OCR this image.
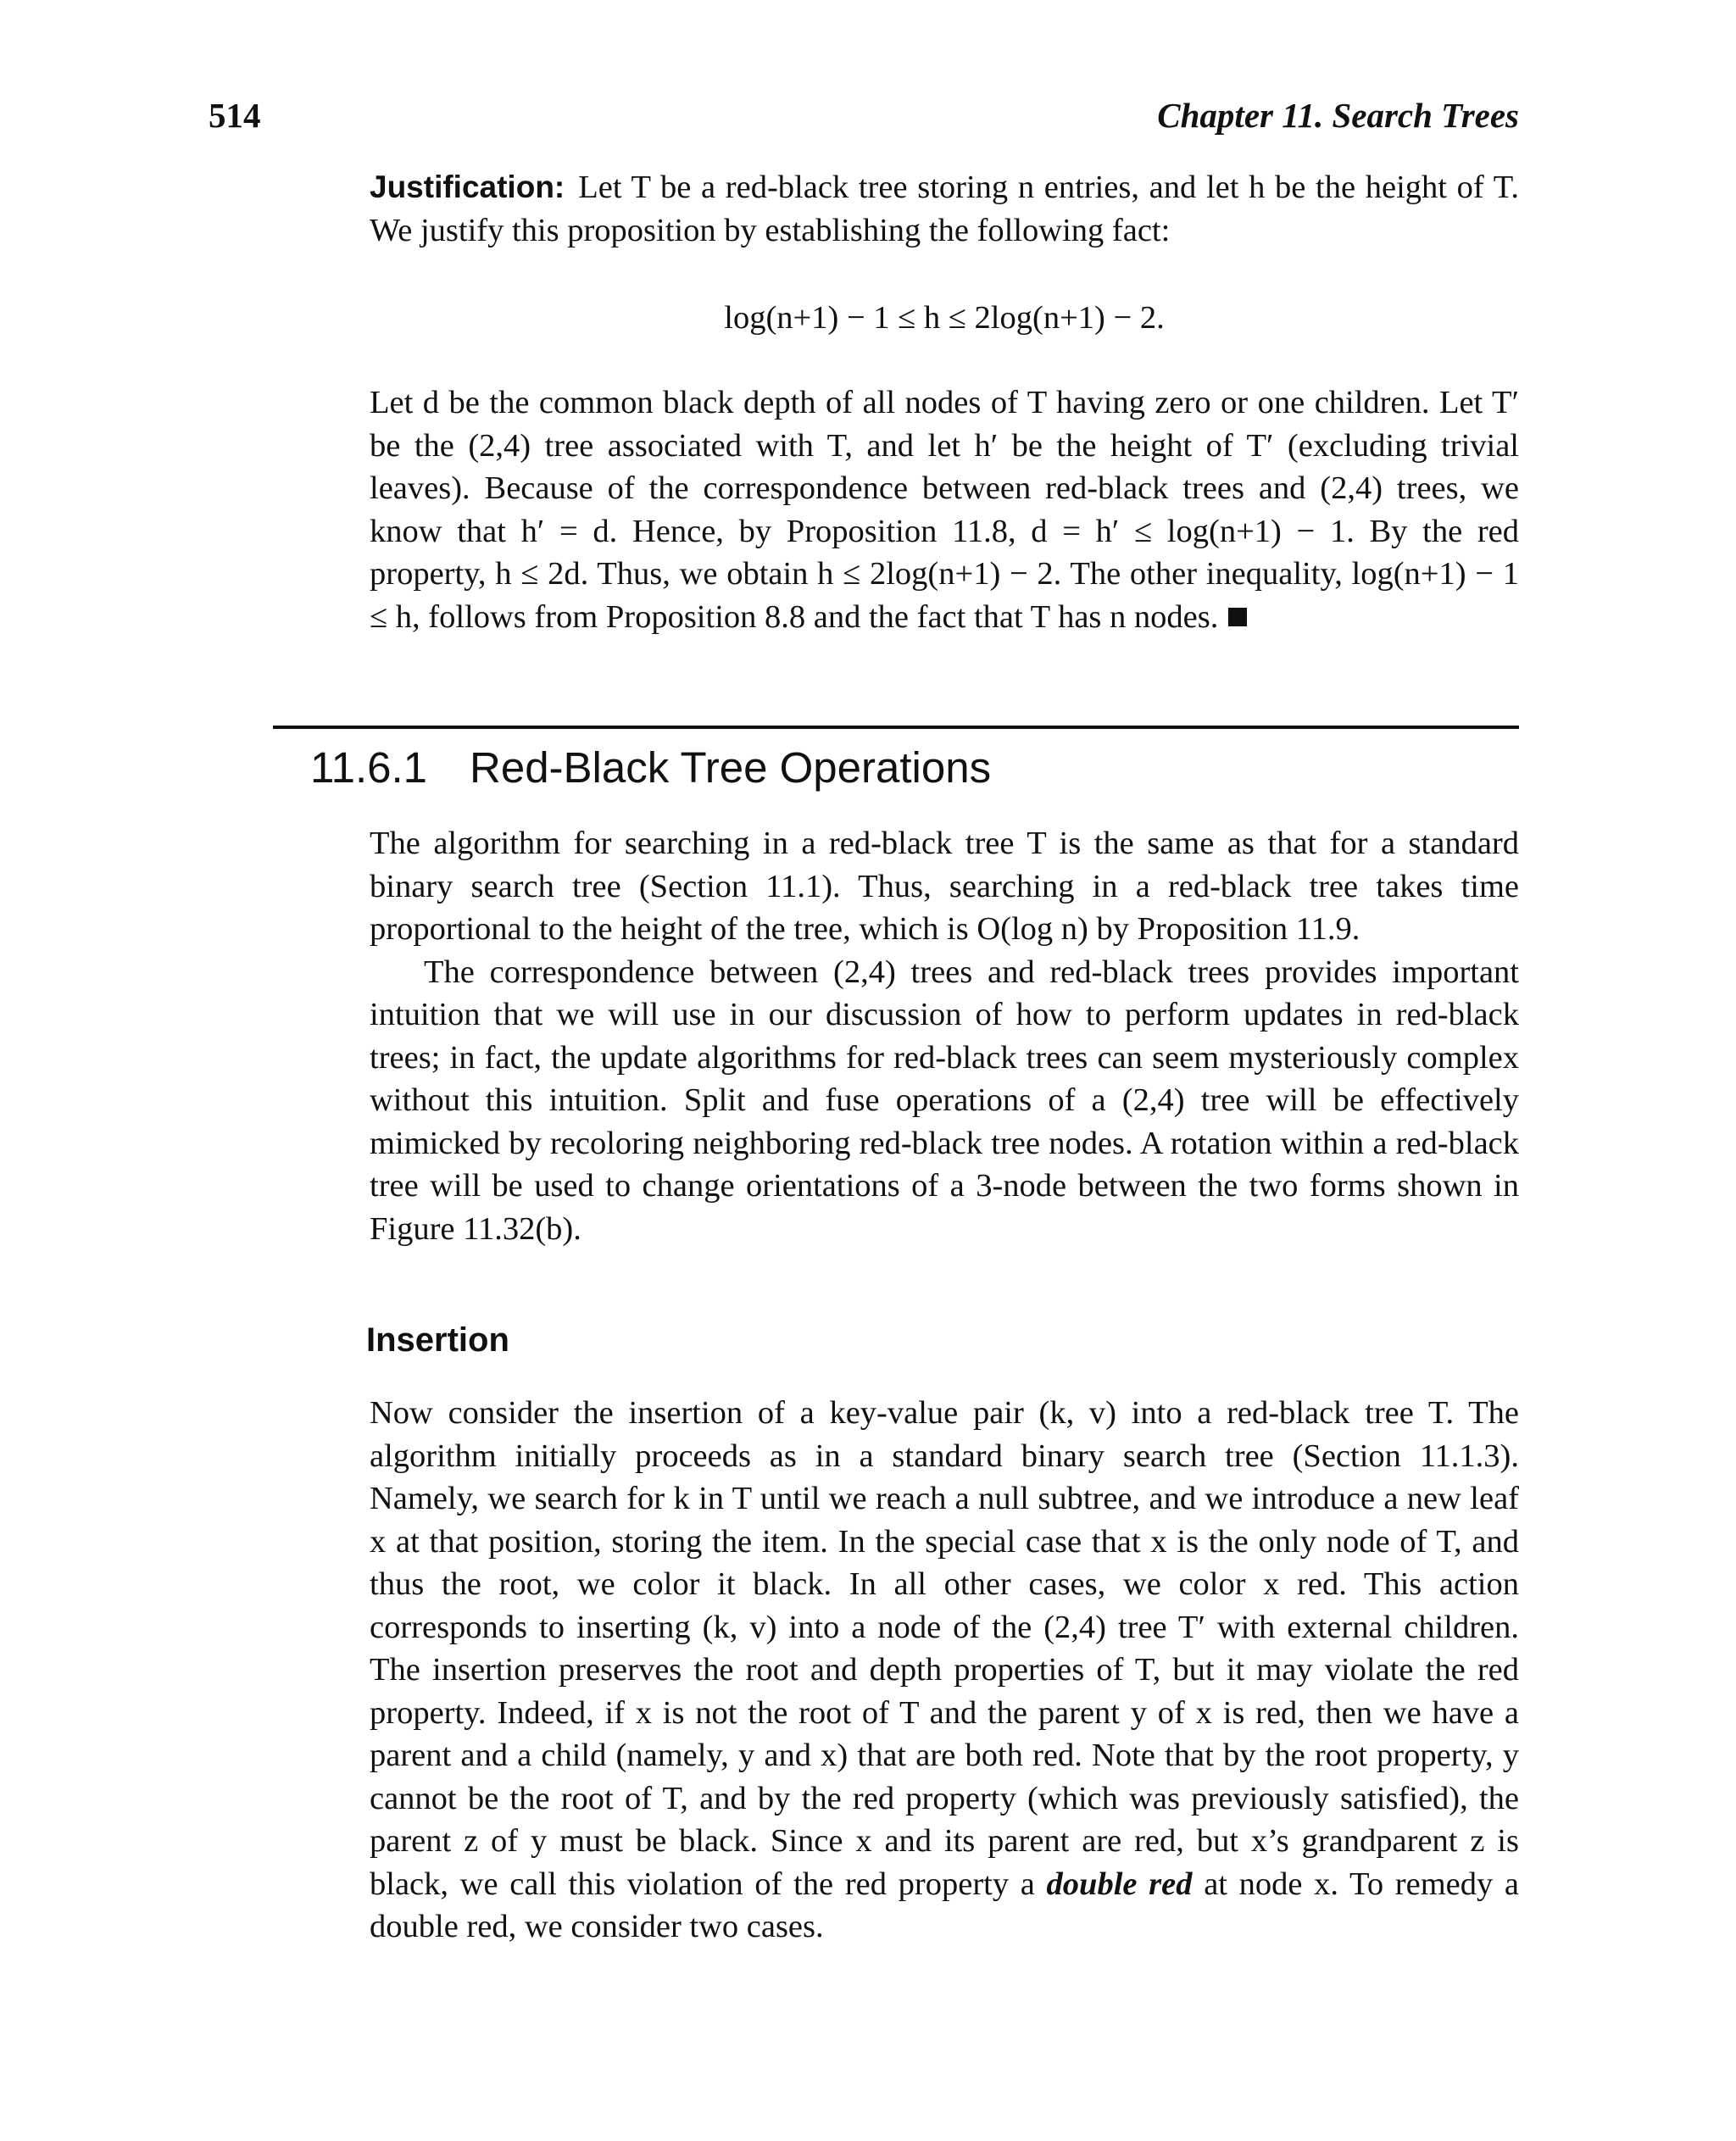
514	Chapter 11. Search Trees

Justification: Let T be a red-black tree storing n entries, and let h be the height of T. We justify this proposition by establishing the following fact:

log(n+1) − 1 ≤ h ≤ 2log(n+1) − 2.

Let d be the common black depth of all nodes of T having zero or one children. Let T′ be the (2,4) tree associated with T, and let h′ be the height of T′ (excluding trivial leaves). Because of the correspondence between red-black trees and (2,4) trees, we know that h′ = d. Hence, by Proposition 11.8, d = h′ ≤ log(n+1) − 1. By the red property, h ≤ 2d. Thus, we obtain h ≤ 2log(n+1) − 2. The other inequality, log(n+1) − 1 ≤ h, follows from Proposition 8.8 and the fact that T has n nodes.

11.6.1 Red-Black Tree Operations

The algorithm for searching in a red-black tree T is the same as that for a standard binary search tree (Section 11.1). Thus, searching in a red-black tree takes time proportional to the height of the tree, which is O(log n) by Proposition 11.9.

The correspondence between (2,4) trees and red-black trees provides important intuition that we will use in our discussion of how to perform updates in red-black trees; in fact, the update algorithms for red-black trees can seem mysteriously complex without this intuition. Split and fuse operations of a (2,4) tree will be effectively mimicked by recoloring neighboring red-black tree nodes. A rotation within a red-black tree will be used to change orientations of a 3-node between the two forms shown in Figure 11.32(b).

Insertion

Now consider the insertion of a key-value pair (k, v) into a red-black tree T. The algorithm initially proceeds as in a standard binary search tree (Section 11.1.3). Namely, we search for k in T until we reach a null subtree, and we introduce a new leaf x at that position, storing the item. In the special case that x is the only node of T, and thus the root, we color it black. In all other cases, we color x red. This action corresponds to inserting (k, v) into a node of the (2,4) tree T′ with external children. The insertion preserves the root and depth properties of T, but it may violate the red property. Indeed, if x is not the root of T and the parent y of x is red, then we have a parent and a child (namely, y and x) that are both red. Note that by the root property, y cannot be the root of T, and by the red property (which was previously satisfied), the parent z of y must be black. Since x and its parent are red, but x’s grandparent z is black, we call this violation of the red property a double red at node x. To remedy a double red, we consider two cases.
